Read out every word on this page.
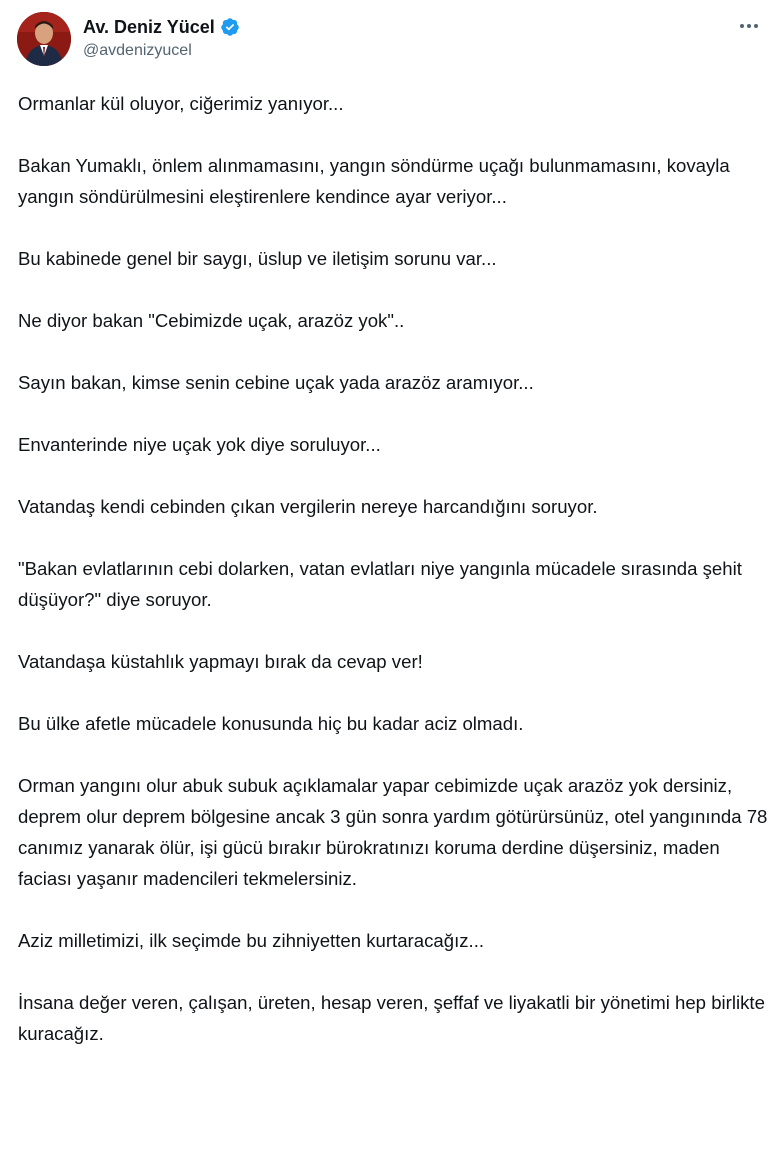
Av. Deniz Yücel
@avdenizyucel

Ormanlar kül oluyor, ciğerimiz yanıyor...

Bakan Yumaklı, önlem alınmamasını, yangın söndürme uçağı bulunmamasını, kovayla yangın söndürülmesini eleştirenlere kendince ayar veriyor...

Bu kabinede genel bir saygı, üslup ve iletişim sorunu var...

Ne diyor bakan "Cebimizde uçak, arazöz yok"..

Sayın bakan, kimse senin cebine uçak yada arazöz aramıyor...

Envanterinde niye uçak yok diye soruluyor...

Vatandaş kendi cebinden çıkan vergilerin nereye harcandığını soruyor.

"Bakan evlatlarının cebi dolarken, vatan evlatları niye yangınla mücadele sırasında şehit düşüyor?" diye soruyor.

Vatandaşa küstahlık yapmayı bırak da cevap ver!

Bu ülke afetle mücadele konusunda hiç bu kadar aciz olmadı.

Orman yangını olur abuk subuk açıklamalar yapar cebimizde uçak arazöz yok dersiniz, deprem olur deprem bölgesine ancak 3 gün sonra yardım götürürsünüz, otel yangınında 78 canımız yanarak ölür, işi gücü bırakır bürokratınızı koruma derdine düşersiniz, maden faciası yaşanır madencileri tekmelersiniz.

Aziz milletimizi, ilk seçimde bu zihniyetten kurtaracağız...

İnsana değer veren, çalışan, üreten, hesap veren, şeffaf ve liyakatli bir yönetimi hep birlikte kuracağız.
